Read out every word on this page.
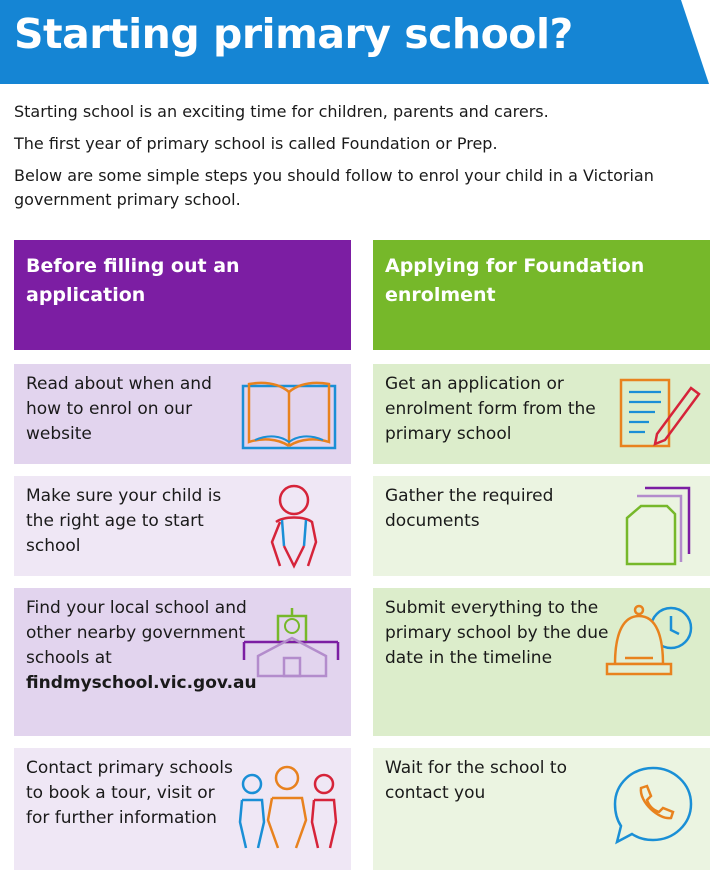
Starting primary school?

Starting school is an exciting time for children, parents and carers.

The first year of primary school is called Foundation or Prep.

Below are some simple steps you should follow to enrol your child in a Victorian government primary school.

Before filling out an application
Applying for Foundation enrolment
Read about when and how to enrol on our website
Make sure your child is the right age to start school
Find your local school and other nearby government schools at
findmyschool.vic.gov.au
Contact primary schools to book a tour, visit or for further information
Get an application or enrolment form from the primary school
Gather the required documents
Submit everything to the primary school by the due date in the timeline
Wait for the school to contact you
